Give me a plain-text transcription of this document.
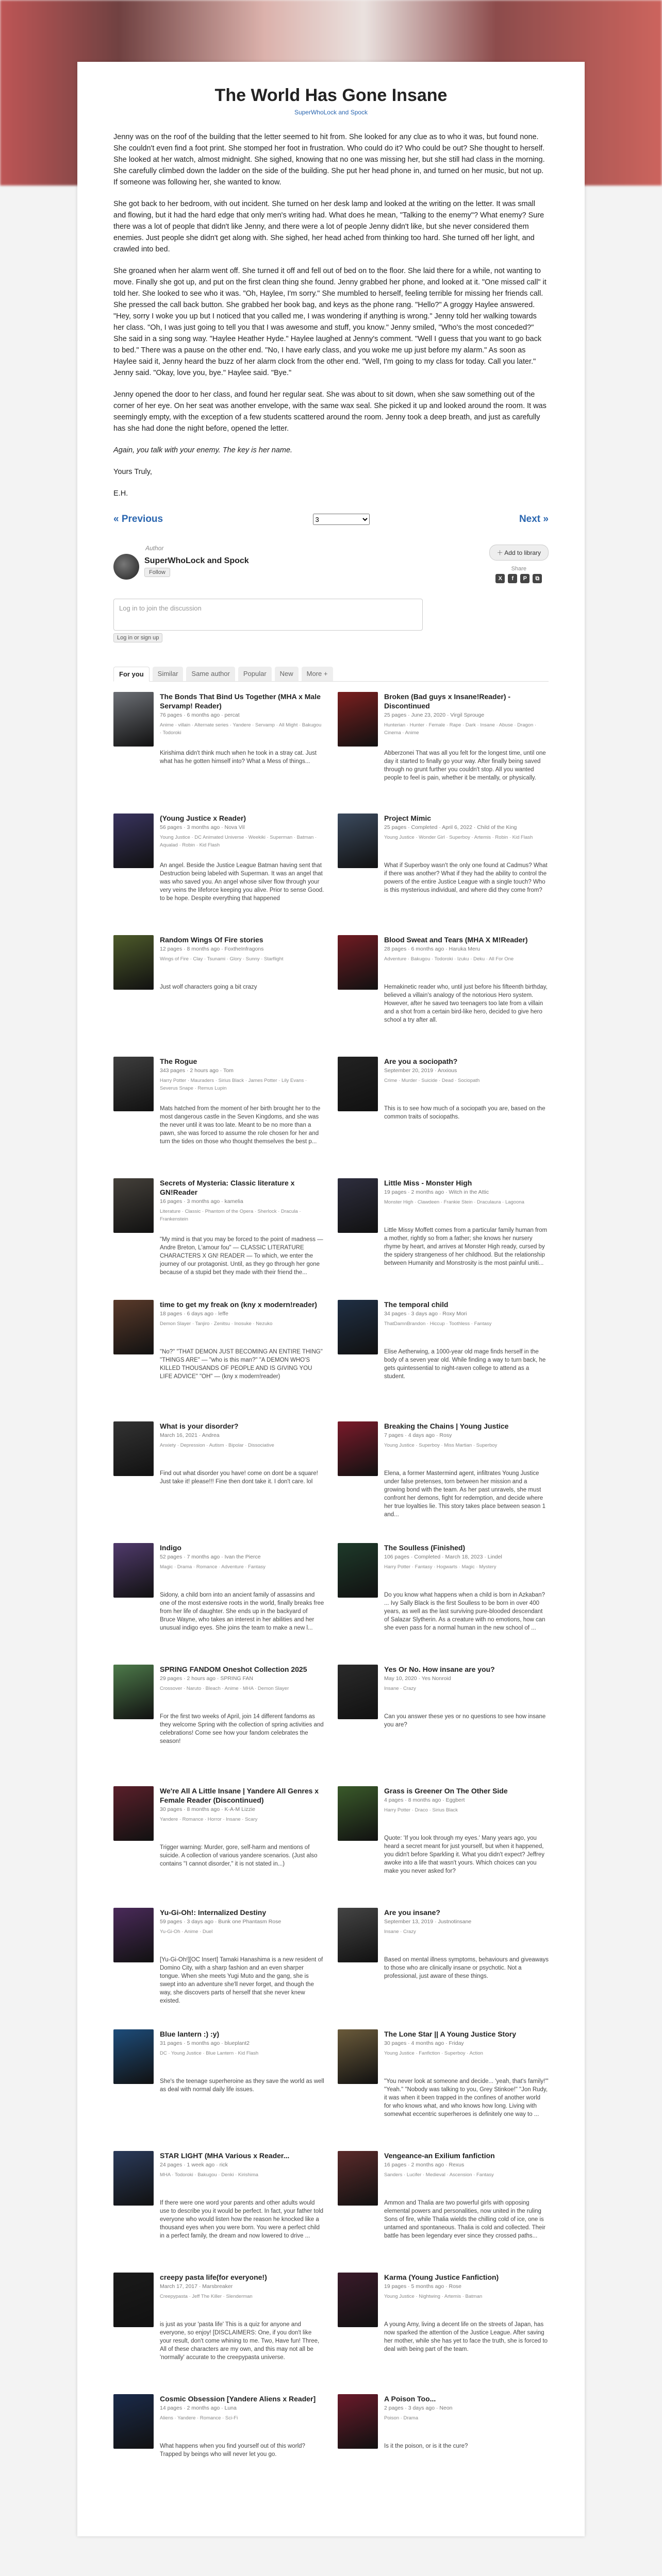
The World Has Gone Insane
SuperWhoLock and Spock

Jenny was on the roof of the building that the letter seemed to hit from. She looked for any clue as to who it was, but found none. She couldn't even find a foot print. She stomped her foot in frustration. Who could do it? Who could be out? She thought to herself. She looked at her watch, almost midnight. She sighed, knowing that no one was missing her, but she still had class in the morning. She carefully climbed down the ladder on the side of the building. She put her head phone in, and turned on her music, but not up. If someone was following her, she wanted to know.

She got back to her bedroom, with out incident. She turned on her desk lamp and looked at the writing on the letter. It was small and flowing, but it had the hard edge that only men's writing had. What does he mean, "Talking to the enemy"? What enemy? Sure there was a lot of people that didn't like Jenny, and there were a lot of people Jenny didn't like, but she never considered them enemies. Just people she didn't get along with. She sighed, her head ached from thinking too hard. She turned off her light, and crawled into bed.

She groaned when her alarm went off. She turned it off and fell out of bed on to the floor. She laid there for a while, not wanting to move. Finally she got up, and put on the first clean thing she found. Jenny grabbed her phone, and looked at it. "One missed call" it told her. She looked to see who it was. "Oh, Haylee, I'm sorry." She mumbled to herself, feeling terrible for missing her friends call. She pressed the call back button. She grabbed her book bag, and keys as the phone rang. "Hello?" A groggy Haylee answered. "Hey, sorry I woke you up but I noticed that you called me, I was wondering if anything is wrong." Jenny told her walking towards her class. "Oh, I was just going to tell you that I was awesome and stuff, you know." Jenny smiled, "Who's the most conceded?" She said in a sing song way. "Haylee Heather Hyde." Haylee laughed at Jenny's comment. "Well I guess that you want to go back to bed." There was a pause on the other end. "No, I have early class, and you woke me up just before my alarm." As soon as Haylee said it, Jenny heard the buzz of her alarm clock from the other end. "Well, I'm going to my class for today. Call you later." Jenny said. "Okay, love you, bye." Haylee said. "Bye."

Jenny opened the door to her class, and found her regular seat. She was about to sit down, when she saw something out of the corner of her eye. On her seat was another envelope, with the same wax seal. She picked it up and looked around the room. It was seemingly empty, with the exception of a few students scattered around the room. Jenny took a deep breath, and just as carefully has she had done the night before, opened the letter.

Again, you talk with your enemy. The key is her name.

Yours Truly,

E.H.

« Previous
3	Next »
Author
SuperWhoLock and Spock
Follow
＋ Add to library
Share
X	f	P	⧉
Log in to join the discussion
Log in or sign up
For you	Similar	Same author	Popular	New	More +
The Bonds That Bind Us Together (MHA x Male Servamp! Reader)
76 pages · 6 months ago · percat
Anime · villain · Alternate series · Yandere · Servamp · All Might · Bakugou · Todoroki
Kirishima didn't think much when he took in a stray cat. Just what has he gotten himself into? What a Mess of things...
Broken (Bad guys x Insane!Reader) - Discontinued
25 pages · June 23, 2020 · Virgil Sprouge
Hunterian · Hunter · Female · Rape · Dark · Insane · Abuse · Dragon · Cinema · Anime
Abberzonei That was all you felt for the longest time, until one day it started to finally go your way. After finally being saved through no grunt further you couldn't stop. All you wanted people to feel is pain, whether it be mentally, or physically.
(Young Justice x Reader)
56 pages · 3 months ago · Nova Vil
Young Justice · DC Animated Universe · Weekiki · Superman · Batman · Aqualad · Robin · Kid Flash
An angel. Beside the Justice League Batman having sent that Destruction being labeled with Superman. It was an angel that was who saved you. An angel whose silver flow through your very veins the lifeforce keeping you alive. Prior to sense Good. to be hope. Despite everything that happened
Project Mimic
25 pages · Completed · April 6, 2022 · Child of the King
Young Justice · Wonder Girl · Superboy · Artemis · Robin · Kid Flash
What if Superboy wasn't the only one found at Cadmus? What if there was another? What if they had the ability to control the powers of the entire Justice League with a single touch? Who is this mysterious individual, and where did they come from?
Random Wings Of Fire stories
12 pages · 8 months ago · FoxtheInfragons
Wings of Fire · Clay · Tsunami · Glory · Sunny · Starflight
Just wolf characters going a bit crazy
Blood Sweat and Tears (MHA X M!Reader)
28 pages · 6 months ago · Haruka Meru
Adventure · Bakugou · Todoroki · Izuku · Deku · All For One
Hemakinetic reader who, until just before his fifteenth birthday, believed a villain's analogy of the notorious Hero system. However, after he saved two teenagers too late from a villain and a shot from a certain bird-like hero, decided to give hero school a try after all.
The Rogue
343 pages · 2 hours ago · Tom
Harry Potter · Mauraders · Sirius Black · James Potter · Lily Evans · Severus Snape · Remus Lupin
Mats hatched from the moment of her birth brought her to the most dangerous castle in the Seven Kingdoms, and she was the never until it was too late. Meant to be no more than a pawn, she was forced to assume the role chosen for her and turn the tides on those who thought themselves the best p...
Are you a sociopath?
September 20, 2019 · Anxious
Crime · Murder · Suicide · Dead · Sociopath
This is to see how much of a sociopath you are, based on the common traits of sociopaths.
Secrets of Mysteria: Classic literature x GN!Reader
16 pages · 3 months ago · kamelia
Literature · Classic · Phantom of the Opera · Sherlock · Dracula · Frankenstein
"My mind is that you may be forced to the point of madness — Andre Breton, L'amour fou" — CLASSIC LITERATURE CHARACTERS X GN! READER — To which, we enter the journey of our protagonist. Until, as they go through her gone because of a stupid bet they made with their friend the...
Little Miss - Monster High
19 pages · 2 months ago · Witch in the Attic
Monster High · Clawdeen · Frankie Stein · Draculaura · Lagoona
Little Missy Moffett comes from a particular family human from a mother, rightly so from a father; she knows her nursery rhyme by heart, and arrives at Monster High ready, cursed by the spidery strangeness of her childhood. But the relationship between Humanity and Monstrosity is the most painful uniti...
time to get my freak on (kny x modern!reader)
18 pages · 6 days ago · leffe
Demon Slayer · Tanjiro · Zenitsu · Inosuke · Nezuko
"No?" "THAT DEMON JUST BECOMING AN ENTIRE THING" "THINGS ARE" — "who is this man?" "A DEMON WHO'S KILLED THOUSANDS OF PEOPLE AND IS GIVING YOU LIFE ADVICE" "OH" — (kny x modern!reader)
The temporal child
34 pages · 3 days ago · Roxy Mori
ThatDamnBrandon · Hiccup · Toothless · Fantasy
Elise Aetherwing, a 1000-year old mage finds herself in the body of a seven year old. While finding a way to turn back, he gets quintessential to night-raven college to attend as a student.
What is your disorder?
March 16, 2021 · Andrea
Anxiety · Depression · Autism · Bipolar · Dissociative
Find out what disorder you have! come on dont be a square! Just take it! please!!! Fine then dont take it. I don't care. lol
Breaking the Chains | Young Justice
7 pages · 4 days ago · Rosy
Young Justice · Superboy · Miss Martian · Superboy
Elena, a former Mastermind agent, infiltrates Young Justice under false pretenses, torn between her mission and a growing bond with the team. As her past unravels, she must confront her demons, fight for redemption, and decide where her true loyalties lie. This story takes place between season 1 and...
Indigo
52 pages · 7 months ago · Ivan the Pierce
Magic · Drama · Romance · Adventure · Fantasy
Sidony, a child born into an ancient family of assassins and one of the most extensive roots in the world, finally breaks free from her life of daughter. She ends up in the backyard of Bruce Wayne, who takes an interest in her abilities and her unusual indigo eyes. She joins the team to make a new l...
The Soulless (Finished)
106 pages · Completed · March 18, 2023 · Lindel
Harry Potter · Fantasy · Hogwarts · Magic · Mystery
Do you know what happens when a child is born in Azkaban? ... Ivy Sally Black is the first Soulless to be born in over 400 years, as well as the last surviving pure-blooded descendant of Salazar Slytherin. As a creature with no emotions, how can she even pass for a normal human in the new school of ...
SPRING FANDOM Oneshot Collection 2025
29 pages · 2 hours ago · SPRING FAN
Crossover · Naruto · Bleach · Anime · MHA · Demon Slayer
For the first two weeks of April, join 14 different fandoms as they welcome Spring with the collection of spring activities and celebrations! Come see how your fandom celebrates the season!
Yes Or No. How insane are you?
May 10, 2020 · Yes Nonroid
Insane · Crazy
Can you answer these yes or no questions to see how insane you are?
We're All A Little Insane | Yandere All Genres x Female Reader (Discontinued)
30 pages · 8 months ago · K-A-M Lizzie
Yandere · Romance · Horror · Insane · Scary
Trigger warning: Murder, gore, self-harm and mentions of suicide. A collection of various yandere scenarios. (Just also contains "I cannot disorder," it is not stated in...)
Grass is Greener On The Other Side
4 pages · 8 months ago · Eggbert
Harry Potter · Draco · Sirius Black
Quote: 'If you look through my eyes.' Many years ago, you heard a secret meant for just yourself, but when it happened, you didn't before Sparkling it. What you didn't expect? Jeffrey awoke into a life that wasn't yours. Which choices can you make you never asked for?
Yu-Gi-Oh!: Internalized Destiny
59 pages · 3 days ago · Bunk one Phantasm Rose
Yu-Gi-Oh · Anime · Duel
[Yu-Gi-Oh!][OC Insert] Tamaki Hanashima is a new resident of Domino City, with a sharp fashion and an even sharper tongue. When she meets Yugi Muto and the gang, she is swept into an adventure she'll never forget, and though the way, she discovers parts of herself that she never knew existed.
Are you insane?
September 13, 2019 · Justnotinsane
Insane · Crazy
Based on mental illness symptoms, behaviours and giveaways to those who are clinically insane or psychotic. Not a professional, just aware of these things.
Blue lantern :) :y)
31 pages · 5 months ago · blueplant2
DC · Young Justice · Blue Lantern · Kid Flash
She's the teenage superheroine as they save the world as well as deal with normal daily life issues.
The Lone Star || A Young Justice Story
30 pages · 4 months ago · Friday
Young Justice · Fanfiction · Superboy · Action
"You never look at someone and decide... 'yeah, that's family!'" "Yeah." "Nobody was talking to you, Grey Stinkoe!" "Jon Rudy, it was when it been trapped in the confines of another world for who knows what, and who knows how long. Living with somewhat eccentric superheroes is definitely one way to ...
STAR LIGHT (MHA Various x Reader...
24 pages · 1 week ago · rick
MHA · Todoroki · Bakugou · Denki · Kirishima
If there were one word your parents and other adults would use to describe you it would be perfect. In fact, your father told everyone who would listen how the reason he knocked like a thousand eyes when you were born. You were a perfect child in a perfect family, the dream and now lowered to drive ...
Vengeance-an Exilium fanfiction
16 pages · 2 months ago · Rexus
Sanders · Lucifer · Medieval · Ascension · Fantasy
Ammon and Thalia are two powerful girls with opposing elemental powers and personalities, now united in the ruling Sons of fire, while Thalia wields the chilling cold of ice, one is untamed and spontaneous. Thalia is cold and collected. Their battle has been legendary ever since they crossed paths...
creepy pasta life(for everyone!)
March 17, 2017 · Marsbreaker
Creepypasta · Jeff The Killer · Slenderman
is just as your 'pasta life' This is a quiz for anyone and everyone, so enjoy! [DISCLAIMERS: One, if you don't like your result, don't come whining to me. Two, Have fun! Three, All of these characters are my own, and this may not all be 'normally' accurate to the creepypasta universe.
Karma (Young Justice Fanfiction)
19 pages · 5 months ago · Rose
Young Justice · Nightwing · Artemis · Batman
A young Amy, living a decent life on the streets of Japan, has now sparked the attention of the Justice League. After saving her mother, while she has yet to face the truth, she is forced to deal with being part of the team.
Cosmic Obsession [Yandere Aliens x Reader]
14 pages · 2 months ago · Luna
Aliens · Yandere · Romance · Sci-Fi
What happens when you find yourself out of this world? Trapped by beings who will never let you go.
A Poison Too...
2 pages · 3 days ago · Neon
Poison · Drama
Is it the poison, or is it the cure?
